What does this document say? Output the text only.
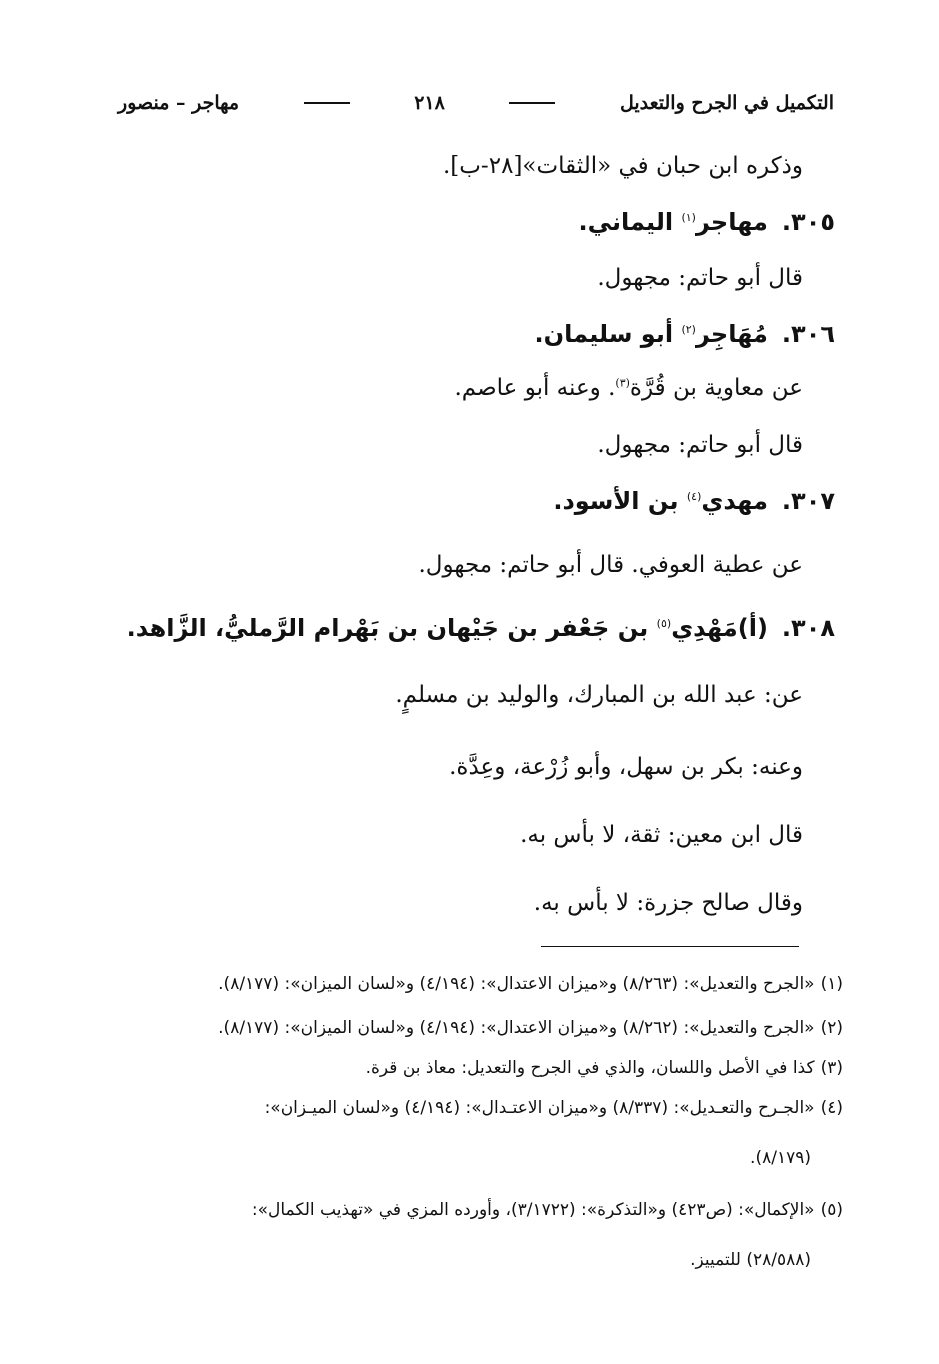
التكميل في الجرح والتعديل
٢١٨
مهاجر – منصور
وذكره ابن حبان في «الثقات»[٢٨-ب].
٣٠٥.مهاجر$^{(١)}$ اليماني.
قال أبو حاتم: مجهول.
٣٠٦.مُهَاجِر$^{(٢)}$ أبو سليمان.
عن معاوية بن قُرَّة$^{(٣)}$. وعنه أبو عاصم.
قال أبو حاتم: مجهول.
٣٠٧.مهدي$^{(٤)}$ بن الأسود.
عن عطية العوفي. قال أبو حاتم: مجهول.
٣٠٨.(أ)مَهْدِي$^{(٥)}$ بن جَعْفر بن جَيْهان بن بَهْرام الرَّمليُّ، الزَّاهد.
عن: عبد الله بن المبارك، والوليد بن مسلمٍ.
وعنه: بكر بن سهل، وأبو زُرْعة، وعِدَّة.
قال ابن معين: ثقة، لا بأس به.
وقال صالح جزرة: لا بأس به.
(١)«الجرح والتعديل»: (٨/٢٦٣) و«ميزان الاعتدال»: (٤/١٩٤) و«لسان الميزان»: (٨/١٧٧).
(٢)«الجرح والتعديل»: (٨/٢٦٢) و«ميزان الاعتدال»: (٤/١٩٤) و«لسان الميزان»: (٨/١٧٧).
(٣)كذا في الأصل واللسان، والذي في الجرح والتعديل: معاذ بن قرة.
(٤)«الجـرح والتعـديل»: (٨/٣٣٧) و«ميزان الاعتـدال»: (٤/١٩٤) و«لسان الميـزان»:
(٨/١٧٩).
(٥)«الإكمال»: (ص٤٢٣) و«التذكرة»: (٣/١٧٢٢)، وأورده المزي في «تهذيب الكمال»:
(٢٨/٥٨٨) للتمييز.
